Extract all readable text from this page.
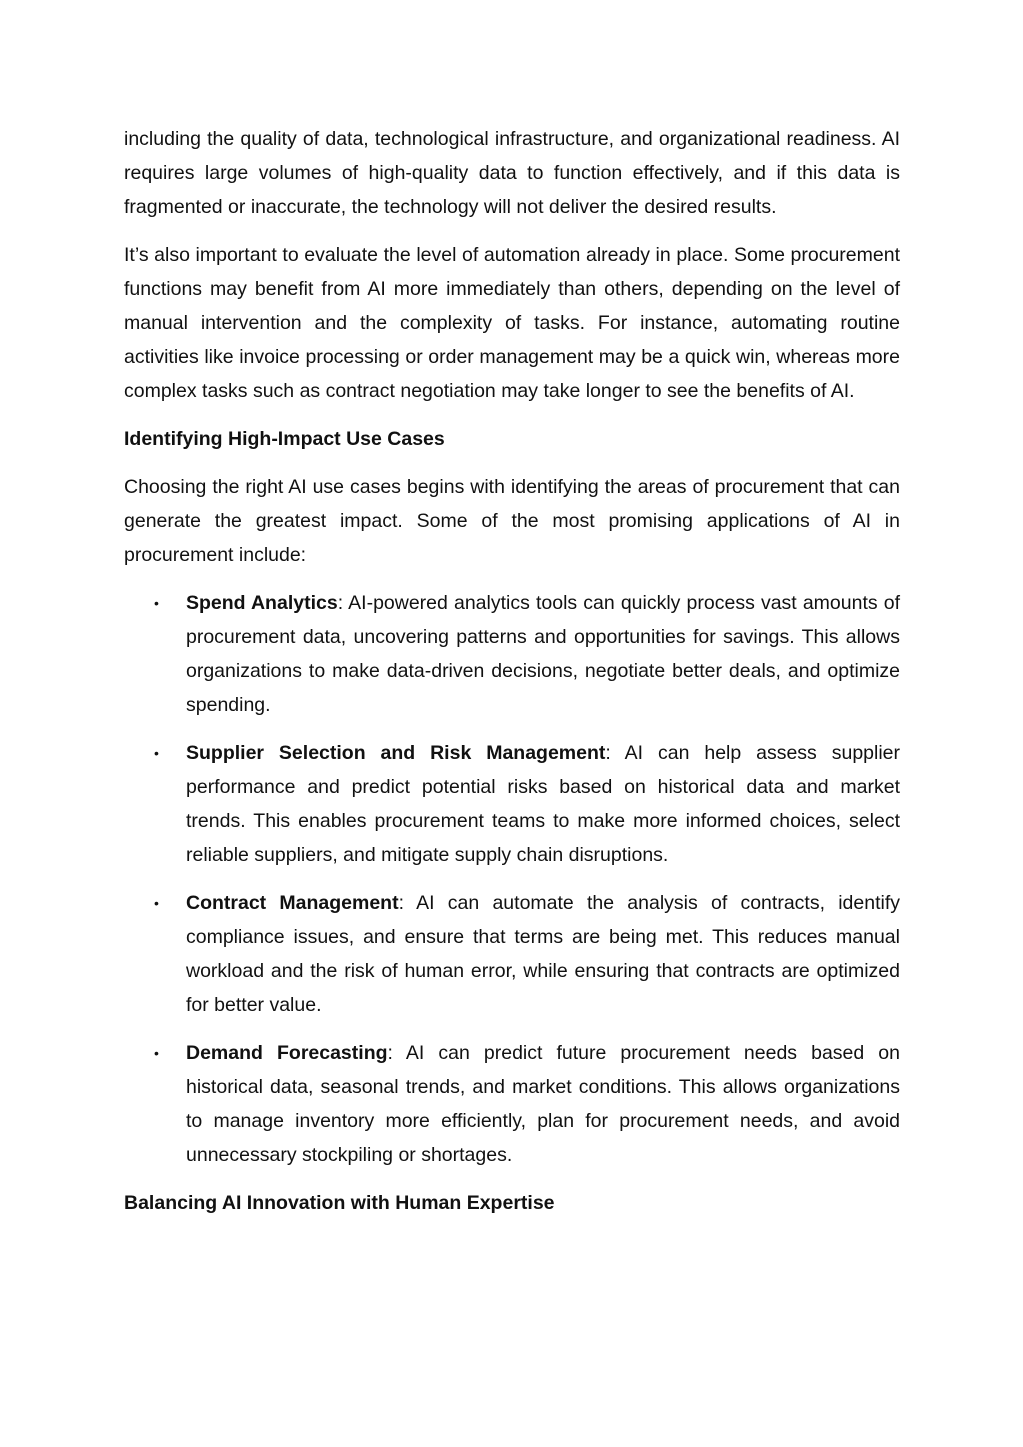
including the quality of data, technological infrastructure, and organizational readiness. AI requires large volumes of high-quality data to function effectively, and if this data is fragmented or inaccurate, the technology will not deliver the desired results.

It’s also important to evaluate the level of automation already in place. Some procurement functions may benefit from AI more immediately than others, depending on the level of manual intervention and the complexity of tasks. For instance, automating routine activities like invoice processing or order management may be a quick win, whereas more complex tasks such as contract negotiation may take longer to see the benefits of AI.

Identifying High-Impact Use Cases

Choosing the right AI use cases begins with identifying the areas of procurement that can generate the greatest impact. Some of the most promising applications of AI in procurement include:

• Spend Analytics: AI-powered analytics tools can quickly process vast amounts of procurement data, uncovering patterns and opportunities for savings. This allows organizations to make data-driven decisions, negotiate better deals, and optimize spending.
• Supplier Selection and Risk Management: AI can help assess supplier performance and predict potential risks based on historical data and market trends. This enables procurement teams to make more informed choices, select reliable suppliers, and mitigate supply chain disruptions.
• Contract Management: AI can automate the analysis of contracts, identify compliance issues, and ensure that terms are being met. This reduces manual workload and the risk of human error, while ensuring that contracts are optimized for better value.
• Demand Forecasting: AI can predict future procurement needs based on historical data, seasonal trends, and market conditions. This allows organizations to manage inventory more efficiently, plan for procurement needs, and avoid unnecessary stockpiling or shortages.
Balancing AI Innovation with Human Expertise
